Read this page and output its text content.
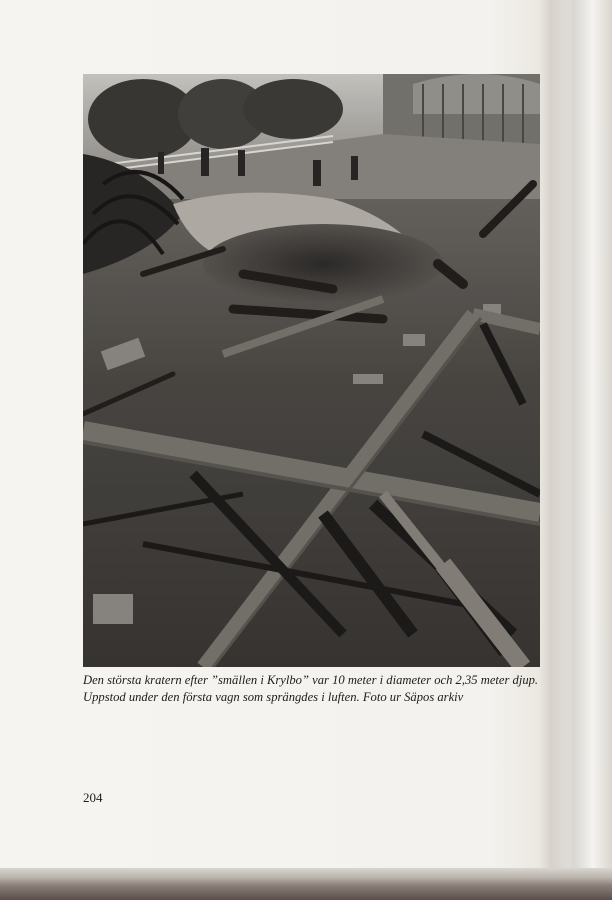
Den största kratern efter ”smällen i Krylbo” var 10 meter i diameter och 2,35 meter djup. Uppstod under den första vagn som sprängdes i luften. Foto ur Säpos arkiv

204
